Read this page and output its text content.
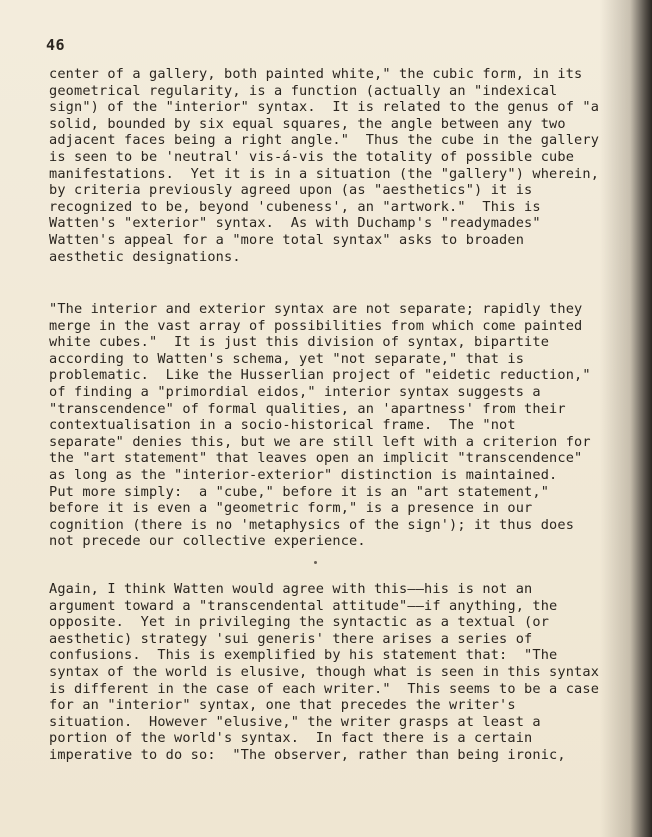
46
center of a gallery, both painted white," the cubic form, in its
geometrical regularity, is a function (actually an "indexical
sign") of the "interior" syntax.  It is related to the genus of "a
solid, bounded by six equal squares, the angle between any two
adjacent faces being a right angle."  Thus the cube in the gallery
is seen to be 'neutral' vis-á-vis the totality of possible cube
manifestations.  Yet it is in a situation (the "gallery") wherein,
by criteria previously agreed upon (as "aesthetics") it is
recognized to be, beyond 'cubeness', an "artwork."  This is
Watten's "exterior" syntax.  As with Duchamp's "readymades"
Watten's appeal for a "more total syntax" asks to broaden
aesthetic designations.
"The interior and exterior syntax are not separate; rapidly they
merge in the vast array of possibilities from which come painted
white cubes."  It is just this division of syntax, bipartite
according to Watten's schema, yet "not separate," that is
problematic.  Like the Husserlian project of "eidetic reduction,"
of finding a "primordial eidos," interior syntax suggests a
"transcendence" of formal qualities, an 'apartness' from their
contextualisation in a socio-historical frame.  The "not
separate" denies this, but we are still left with a criterion for
the "art statement" that leaves open an implicit "transcendence"
as long as the "interior-exterior" distinction is maintained.
Put more simply:  a "cube," before it is an "art statement,"
before it is even a "geometric form," is a presence in our
cognition (there is no 'metaphysics of the sign'); it thus does
not precede our collective experience.
Again, I think Watten would agree with this——his is not an
argument toward a "transcendental attitude"——if anything, the
opposite.  Yet in privileging the syntactic as a textual (or
aesthetic) strategy 'sui generis' there arises a series of
confusions.  This is exemplified by his statement that:  "The
syntax of the world is elusive, though what is seen in this syntax
is different in the case of each writer."  This seems to be a case
for an "interior" syntax, one that precedes the writer's
situation.  However "elusive," the writer grasps at least a
portion of the world's syntax.  In fact there is a certain
imperative to do so:  "The observer, rather than being ironic,
